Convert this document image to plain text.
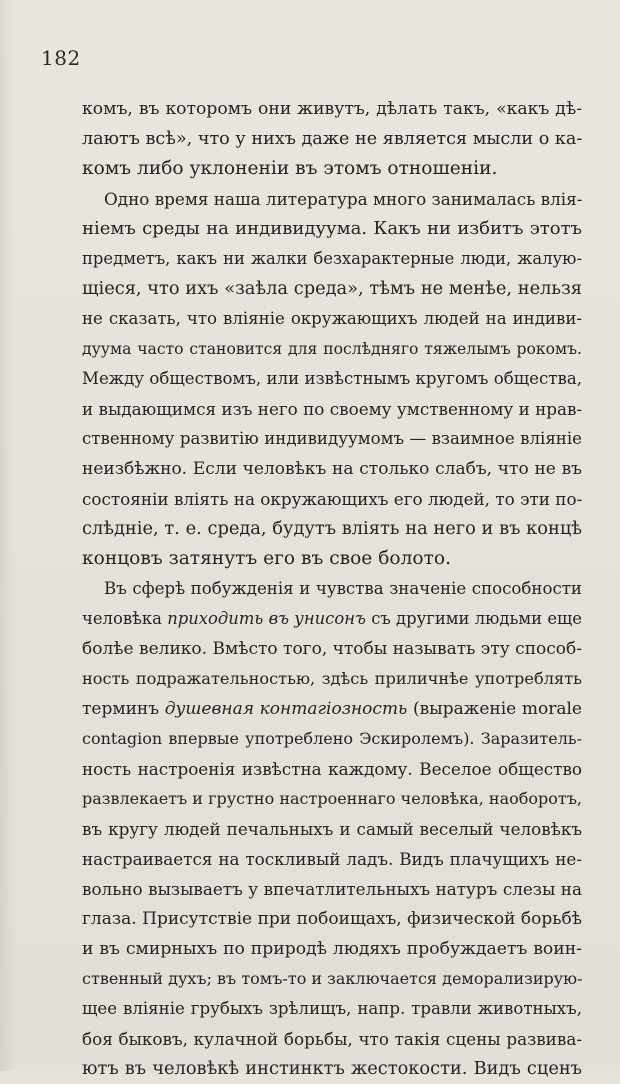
182
комъ, въ которомъ они живутъ, дѣлать такъ, «какъ дѣ-
лаютъ всѣ», что у нихъ даже не является мысли о ка-
комъ либо уклоненіи въ этомъ отношеніи.
Одно время наша литература много занималась влія-
ніемъ среды на индивидуума. Какъ ни избитъ этотъ
предметъ, какъ ни жалки безхарактерные люди, жалую-
щіеся, что ихъ «заѣла среда», тѣмъ не менѣе, нельзя
не сказать, что вліяніе окружающихъ людей на индиви-
дуума часто становится для послѣдняго тяжелымъ рокомъ.
Между обществомъ, или извѣстнымъ кругомъ общества,
и выдающимся изъ него по своему умственному и нрав-
ственному развитію индивидуумомъ — взаимное вліяніе
неизбѣжно. Если человѣкъ на столько слабъ, что не въ
состояніи вліять на окружающихъ его людей, то эти по-
слѣдніе, т. е. среда, будутъ вліять на него и въ концѣ
концовъ затянутъ его въ свое болото.
Въ сферѣ побужденія и чувства значеніе способности
человѣка приходить въ унисонъ съ другими людьми еще
болѣе велико. Вмѣсто того, чтобы называть эту способ-
ность подражательностью, здѣсь приличнѣе употреблять
терминъ душевная контагіозность (выраженіе morale
contagion впервые употреблено Эскиролемъ). Заразитель-
ность настроенія извѣстна каждому. Веселое общество
развлекаетъ и грустно настроеннаго человѣка, наоборотъ,
въ кругу людей печальныхъ и самый веселый человѣкъ
настраивается на тоскливый ладъ. Видъ плачущихъ не-
вольно вызываетъ у впечатлительныхъ натуръ слезы на
глаза. Присутствіе при побоищахъ, физической борьбѣ
и въ смирныхъ по природѣ людяхъ пробуждаетъ воин-
ственный духъ; въ томъ-то и заключается деморализирую-
щее вліяніе грубыхъ зрѣлищъ, напр. травли животныхъ,
боя быковъ, кулачной борьбы, что такія сцены развива-
ютъ въ человѣкѣ инстинктъ жестокости. Видъ сценъ
